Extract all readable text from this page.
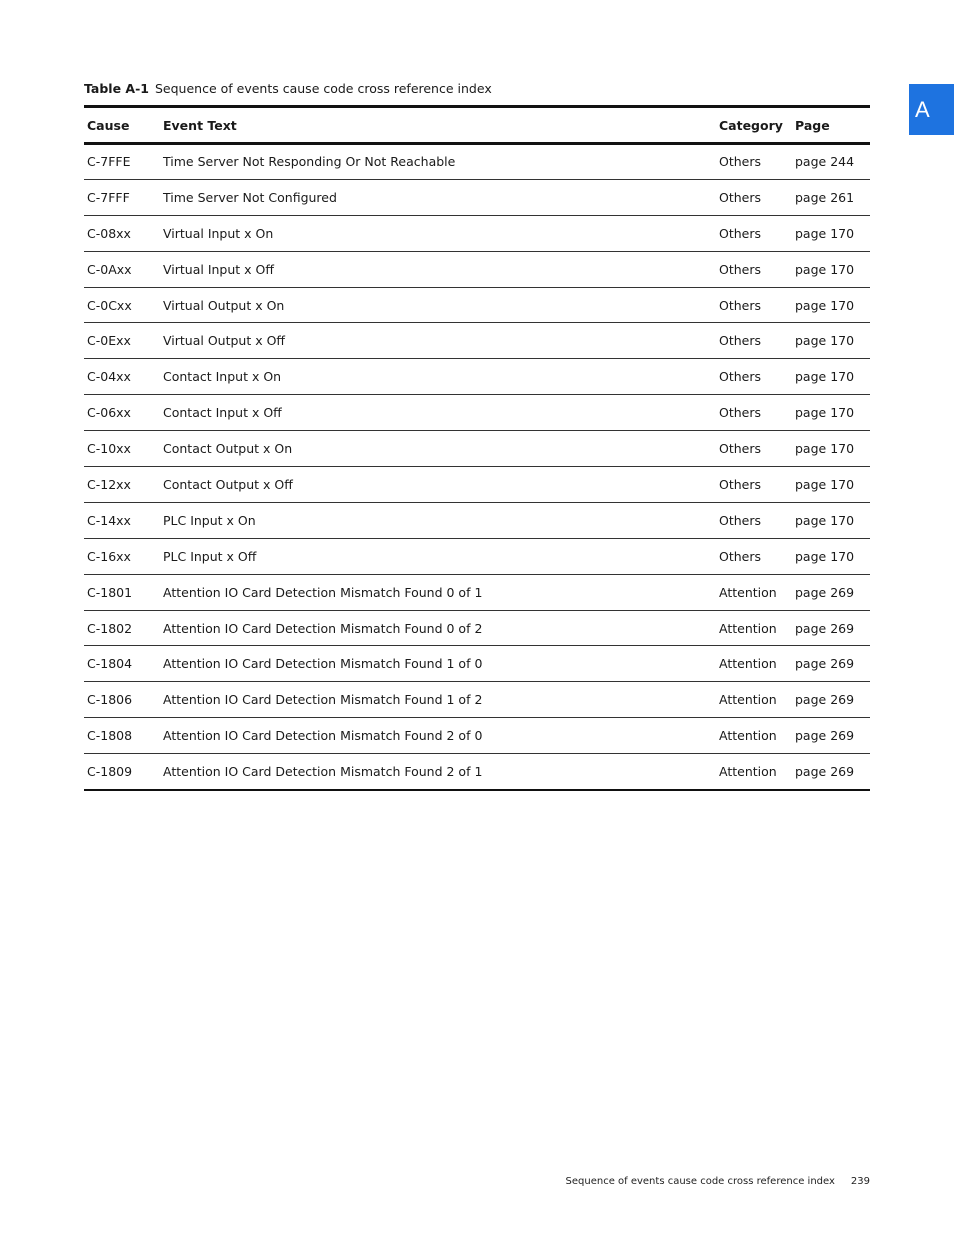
Table A-1 Sequence of events cause code cross reference index
A
Cause	Event Text	Category	Page
C-7FFE	Time Server Not Responding Or Not Reachable	Others	page 244
C-7FFF	Time Server Not Configured	Others	page 261
C-08xx	Virtual Input x On	Others	page 170
C-0Axx	Virtual Input x Off	Others	page 170
C-0Cxx	Virtual Output x On	Others	page 170
C-0Exx	Virtual Output x Off	Others	page 170
C-04xx	Contact Input x On	Others	page 170
C-06xx	Contact Input x Off	Others	page 170
C-10xx	Contact Output x On	Others	page 170
C-12xx	Contact Output x Off	Others	page 170
C-14xx	PLC Input x On	Others	page 170
C-16xx	PLC Input x Off	Others	page 170
C-1801	Attention IO Card Detection Mismatch Found 0 of 1	Attention	page 269
C-1802	Attention IO Card Detection Mismatch Found 0 of 2	Attention	page 269
C-1804	Attention IO Card Detection Mismatch Found 1 of 0	Attention	page 269
C-1806	Attention IO Card Detection Mismatch Found 1 of 2	Attention	page 269
C-1808	Attention IO Card Detection Mismatch Found 2 of 0	Attention	page 269
C-1809	Attention IO Card Detection Mismatch Found 2 of 1	Attention	page 269
Sequence of events cause code cross reference index 239
